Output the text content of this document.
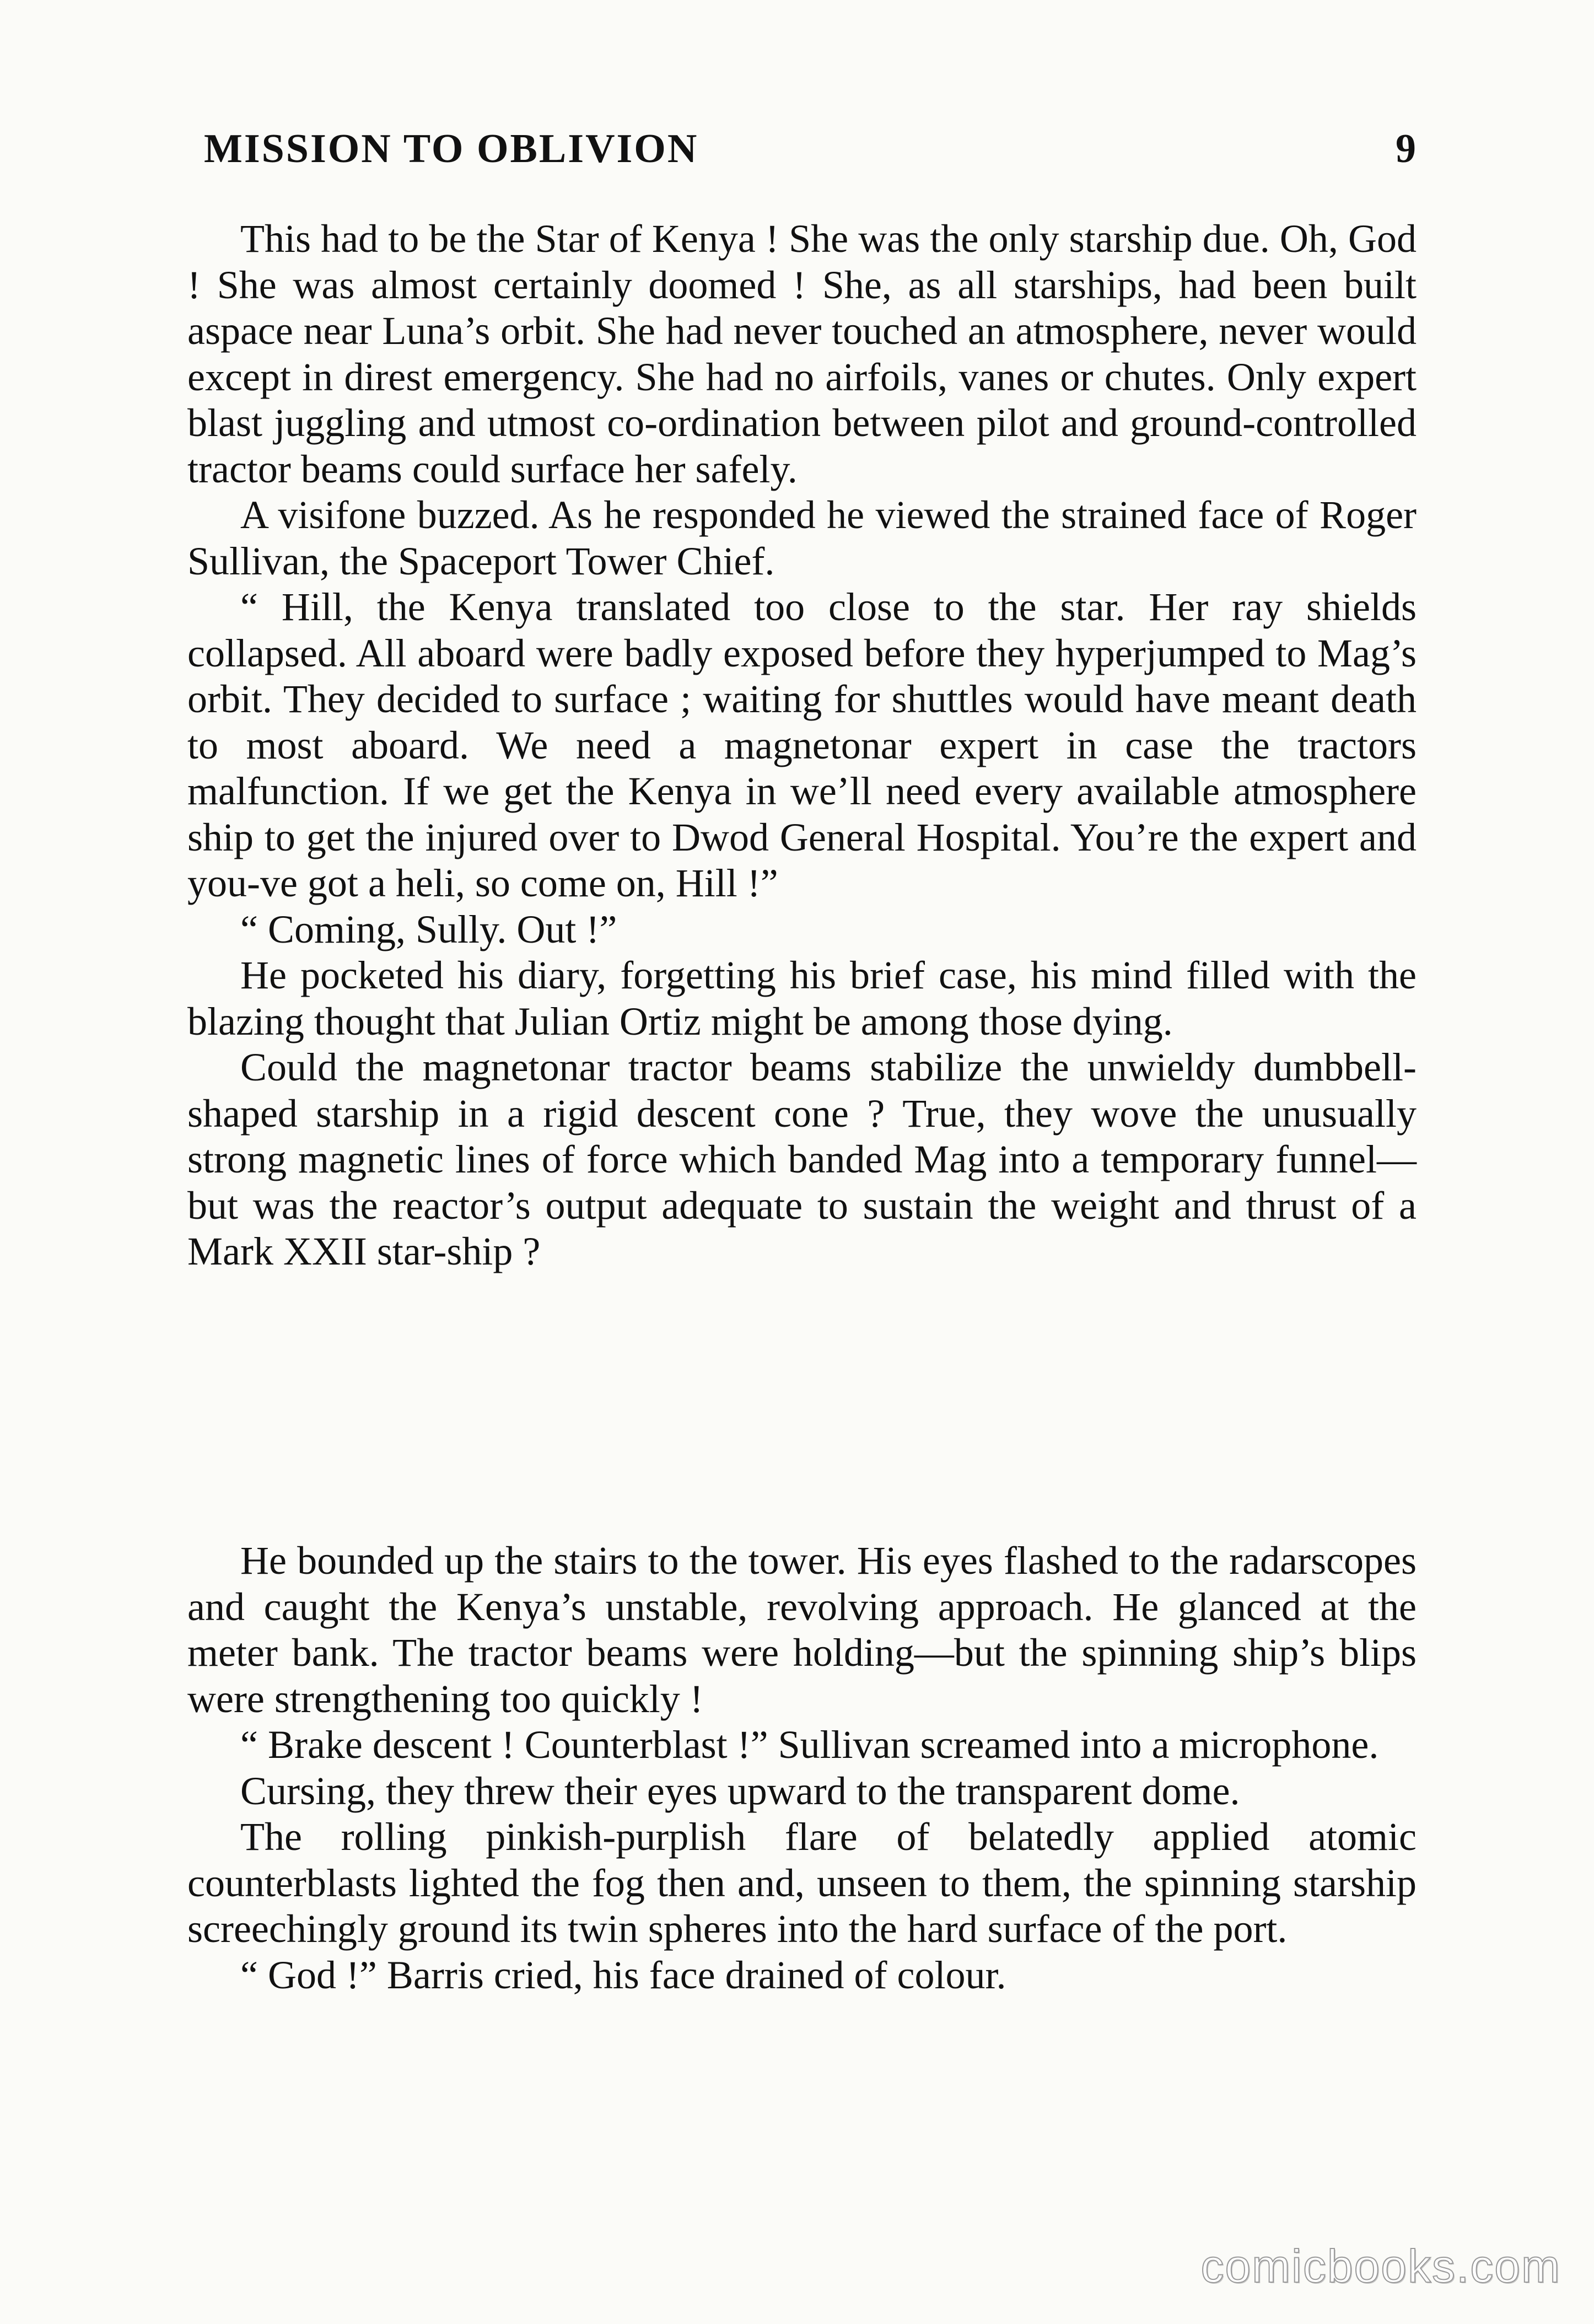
MISSION TO OBLIVION	9

This had to be the Star of Kenya ! She was the only starship due. Oh, God ! She was almost certainly doomed ! She, as all starships, had been built aspace near Luna’s orbit. She had never touched an atmosphere, never would except in direst emergency. She had no airfoils, vanes or chutes. Only expert blast juggling and utmost co-ordination between pilot and ground-controlled tractor beams could surface her safely.

A visifone buzzed. As he responded he viewed the strained face of Roger Sullivan, the Spaceport Tower Chief.

“ Hill, the Kenya translated too close to the star. Her ray shields collapsed. All aboard were badly exposed before they hyperjumped to Mag’s orbit. They decided to surface ; waiting for shuttles would have meant death to most aboard. We need a magnetonar expert in case the tractors malfunction. If we get the Kenya in we’ll need every available atmosphere ship to get the injured over to Dwod General Hospital. You’re the expert and you-ve got a heli, so come on, Hill !”

“ Coming, Sully. Out !”

He pocketed his diary, forgetting his brief case, his mind filled with the blazing thought that Julian Ortiz might be among those dying.

Could the magnetonar tractor beams stabilize the unwieldy dumbbell-shaped starship in a rigid descent cone ? True, they wove the unusually strong magnetic lines of force which banded Mag into a temporary funnel—but was the reactor’s output adequate to sustain the weight and thrust of a Mark XXII star-ship ?

He bounded up the stairs to the tower. His eyes flashed to the radarscopes and caught the Kenya’s unstable, revolving approach. He glanced at the meter bank. The tractor beams were holding—but the spinning ship’s blips were strengthening too quickly !

“ Brake descent ! Counterblast !” Sullivan screamed into a microphone.

Cursing, they threw their eyes upward to the transparent dome.

The rolling pinkish-purplish flare of belatedly applied atomic counterblasts lighted the fog then and, unseen to them, the spinning starship screechingly ground its twin spheres into the hard surface of the port.

“ God !” Barris cried, his face drained of colour.

comicbooks.com
